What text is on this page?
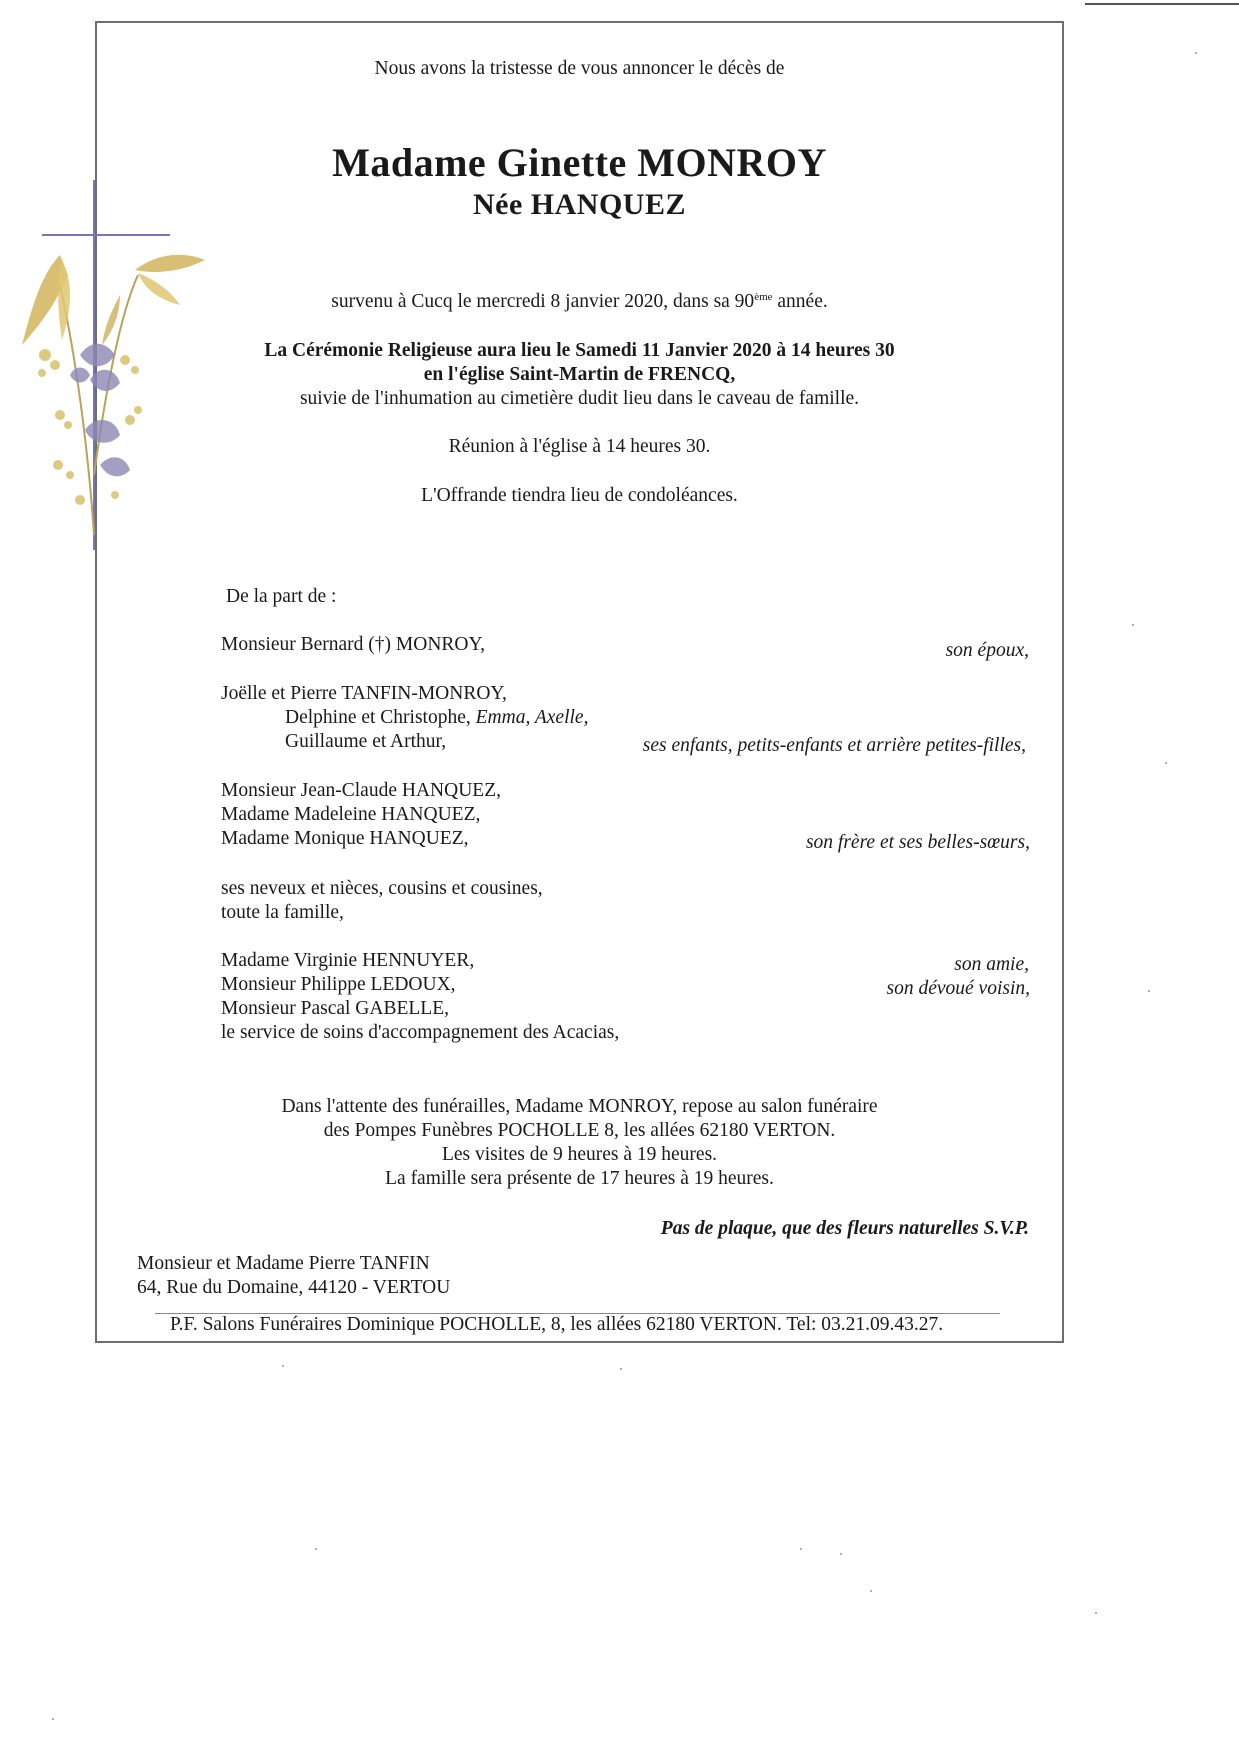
Nous avons la tristesse de vous annoncer le décès de
Madame Ginette MONROY
Née HANQUEZ
survenu à Cucq le mercredi 8 janvier 2020, dans sa 90ème année.
La Cérémonie Religieuse aura lieu le Samedi 11 Janvier 2020 à 14 heures 30
en l'église Saint-Martin de FRENCQ,
suivie de l'inhumation au cimetière dudit lieu dans le caveau de famille.
Réunion à l'église à 14 heures 30.
L'Offrande tiendra lieu de condoléances.
De la part de :
Monsieur Bernard (†) MONROY,	son époux,
Joëlle et Pierre TANFIN-MONROY,
Delphine et Christophe, Emma, Axelle,
Guillaume et Arthur,	ses enfants, petits-enfants et arrière petites-filles,
Monsieur Jean-Claude HANQUEZ,
Madame Madeleine HANQUEZ,
Madame Monique HANQUEZ,	son frère et ses belles-sœurs,
ses neveux et nièces, cousins et cousines,
toute la famille,
Madame Virginie HENNUYER,	son amie,
Monsieur Philippe LEDOUX,	son dévoué voisin,
Monsieur Pascal GABELLE,
le service de soins d'accompagnement des Acacias,
Dans l'attente des funérailles, Madame MONROY, repose au salon funéraire
des Pompes Funèbres POCHOLLE 8, les allées 62180 VERTON.
Les visites de 9 heures à 19 heures.
La famille sera présente de 17 heures à 19 heures.
Pas de plaque, que des fleurs naturelles S.V.P.
Monsieur et Madame Pierre TANFIN
64, Rue du Domaine, 44120 - VERTOU
P.F. Salons Funéraires Dominique POCHOLLE, 8, les allées 62180 VERTON. Tel: 03.21.09.43.27.
